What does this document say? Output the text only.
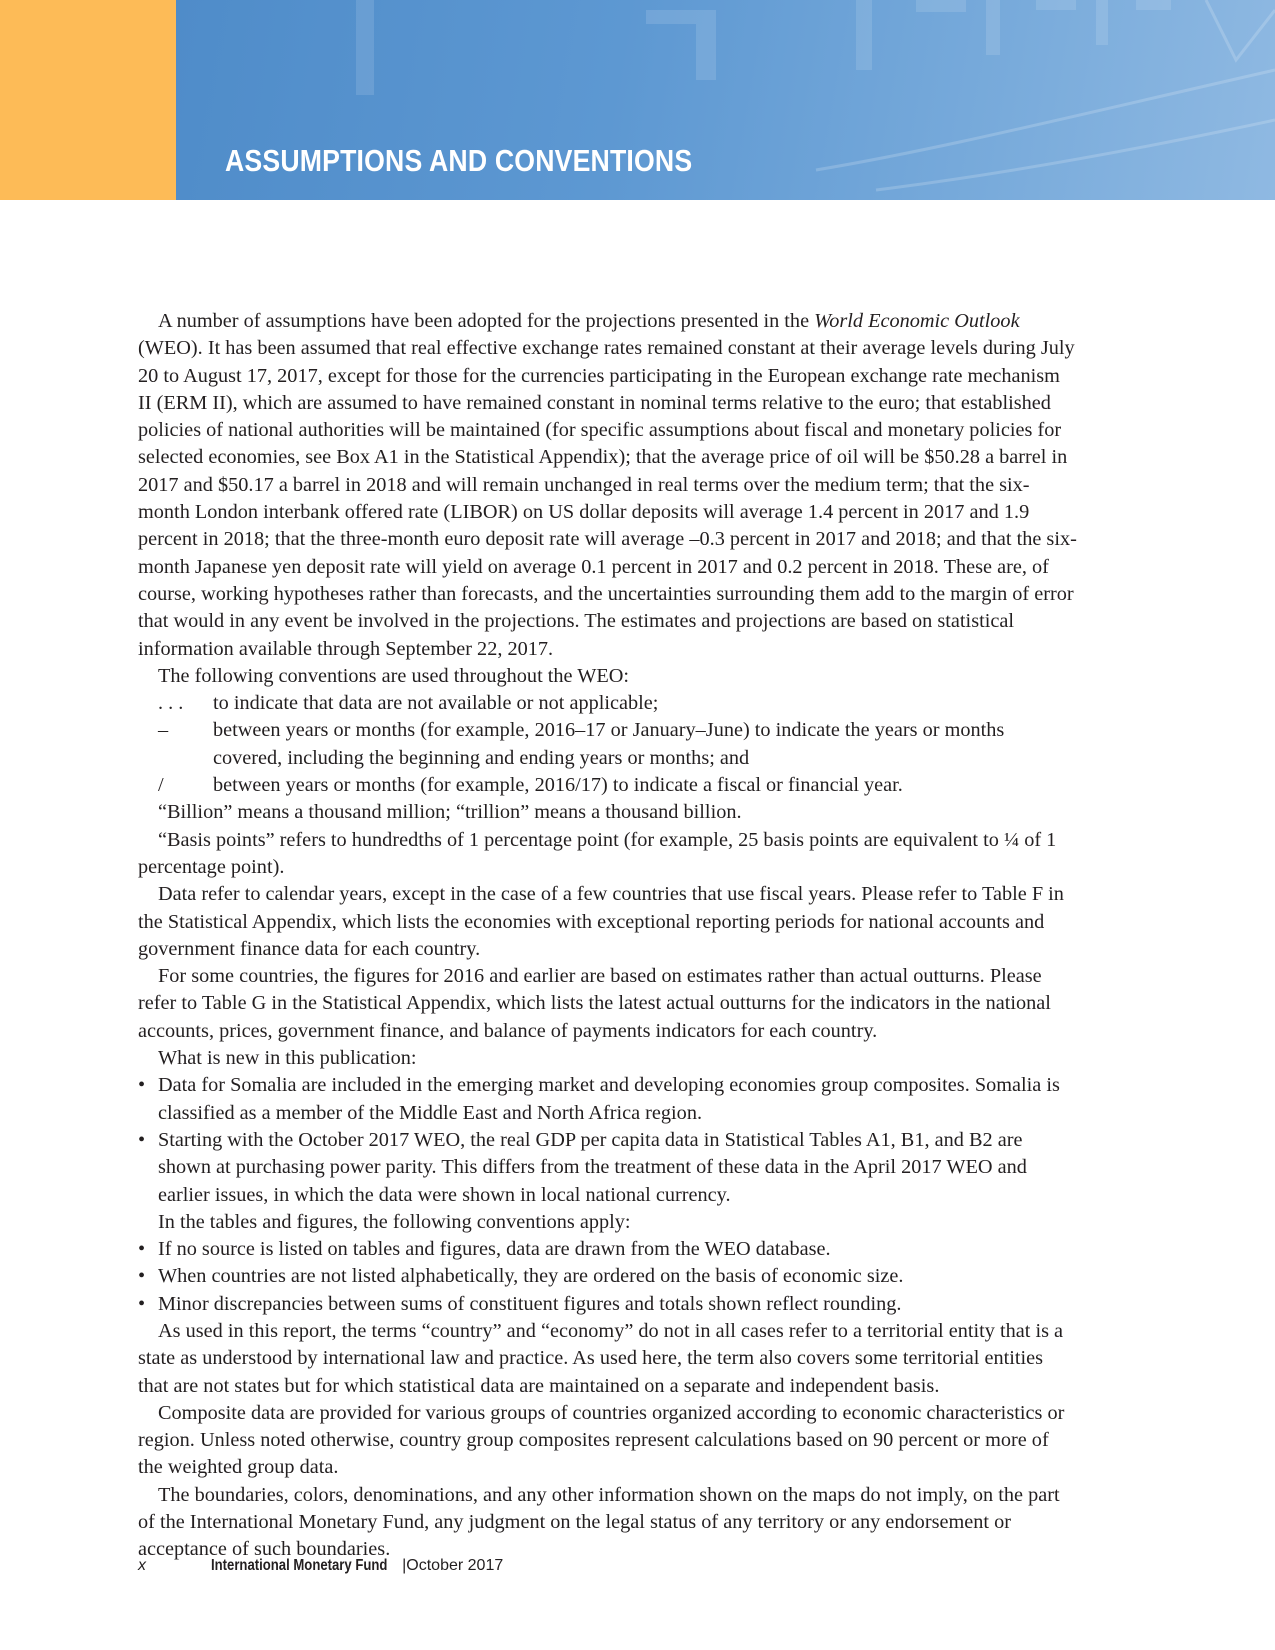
ASSUMPTIONS AND CONVENTIONS

A number of assumptions have been adopted for the projections presented in the World Economic Outlook (WEO). It has been assumed that real effective exchange rates remained constant at their average levels during July 20 to August 17, 2017, except for those for the currencies participating in the European exchange rate mechanism II (ERM II), which are assumed to have remained constant in nominal terms relative to the euro; that established policies of national authorities will be maintained (for specific assumptions about fiscal and monetary policies for selected economies, see Box A1 in the Statistical Appendix); that the average price of oil will be $50.28 a barrel in 2017 and $50.17 a barrel in 2018 and will remain unchanged in real terms over the medium term; that the six-month London interbank offered rate (LIBOR) on US dollar deposits will average 1.4 percent in 2017 and 1.9 percent in 2018; that the three-month euro deposit rate will average –0.3 percent in 2017 and 2018; and that the six-month Japanese yen deposit rate will yield on average 0.1 percent in 2017 and 0.2 percent in 2018. These are, of course, working hypotheses rather than forecasts, and the uncertainties surrounding them add to the margin of error that would in any event be involved in the projections. The estimates and projections are based on statistical information available through September 22, 2017.

The following conventions are used throughout the WEO:

. . . to indicate that data are not available or not applicable;
– between years or months (for example, 2016–17 or January–June) to indicate the years or months covered, including the beginning and ending years or months; and
/ between years or months (for example, 2016/17) to indicate a fiscal or financial year.

“Billion” means a thousand million; “trillion” means a thousand billion.

“Basis points” refers to hundredths of 1 percentage point (for example, 25 basis points are equivalent to ¼ of 1 percentage point).

Data refer to calendar years, except in the case of a few countries that use fiscal years. Please refer to Table F in the Statistical Appendix, which lists the economies with exceptional reporting periods for national accounts and government finance data for each country.

For some countries, the figures for 2016 and earlier are based on estimates rather than actual outturns. Please refer to Table G in the Statistical Appendix, which lists the latest actual outturns for the indicators in the national accounts, prices, government finance, and balance of payments indicators for each country.

What is new in this publication:

• Data for Somalia are included in the emerging market and developing economies group composites. Somalia is classified as a member of the Middle East and North Africa region.
• Starting with the October 2017 WEO, the real GDP per capita data in Statistical Tables A1, B1, and B2 are shown at purchasing power parity. This differs from the treatment of these data in the April 2017 WEO and earlier issues, in which the data were shown in local national currency.

In the tables and figures, the following conventions apply:

• If no source is listed on tables and figures, data are drawn from the WEO database.
• When countries are not listed alphabetically, they are ordered on the basis of economic size.
• Minor discrepancies between sums of constituent figures and totals shown reflect rounding.

As used in this report, the terms “country” and “economy” do not in all cases refer to a territorial entity that is a state as understood by international law and practice. As used here, the term also covers some territorial entities that are not states but for which statistical data are maintained on a separate and independent basis.

Composite data are provided for various groups of countries organized according to economic characteristics or region. Unless noted otherwise, country group composites represent calculations based on 90 percent or more of the weighted group data.

The boundaries, colors, denominations, and any other information shown on the maps do not imply, on the part of the International Monetary Fund, any judgment on the legal status of any territory or any endorsement or acceptance of such boundaries.

x	International Monetary Fund |October 2017
